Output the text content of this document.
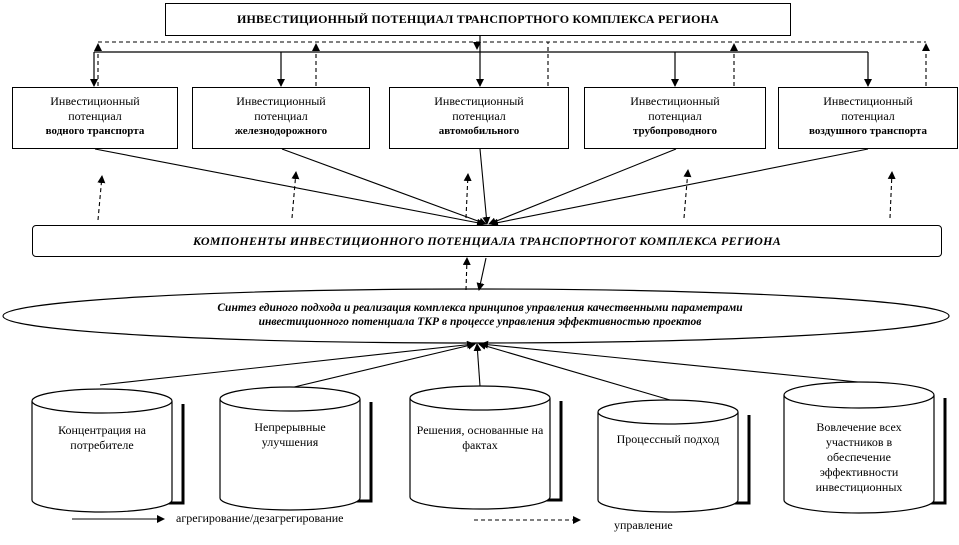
ИНВЕСТИЦИОННЫЙ ПОТЕНЦИАЛ ТРАНСПОРТНОГО КОМПЛЕКСА РЕГИОНА
Инвестиционный
потенциал
водного транспорта
Инвестиционный
потенциал
железнодорожного
Инвестиционный
потенциал
автомобильного
Инвестиционный
потенциал
трубопроводного
Инвестиционный
потенциал
воздушного транспорта
КОМПОНЕНТЫ ИНВЕСТИЦИОННОГО ПОТЕНЦИАЛА ТРАНСПОРТНОГОТ КОМПЛЕКСА РЕГИОНА
Синтез единого подхода и реализация комплекса принципов управления качественными параметрами
инвестиционного потенциала ТКР в процессе управления эффективностью проектов
Концентрация на потребителе
Непрерывные улучшения
Решения, основанные на фактах	Процессный подход
Вовлечение всех участников в обеспечение эффективности инвестиционных
агрегирование/дезагрегирование	управление
